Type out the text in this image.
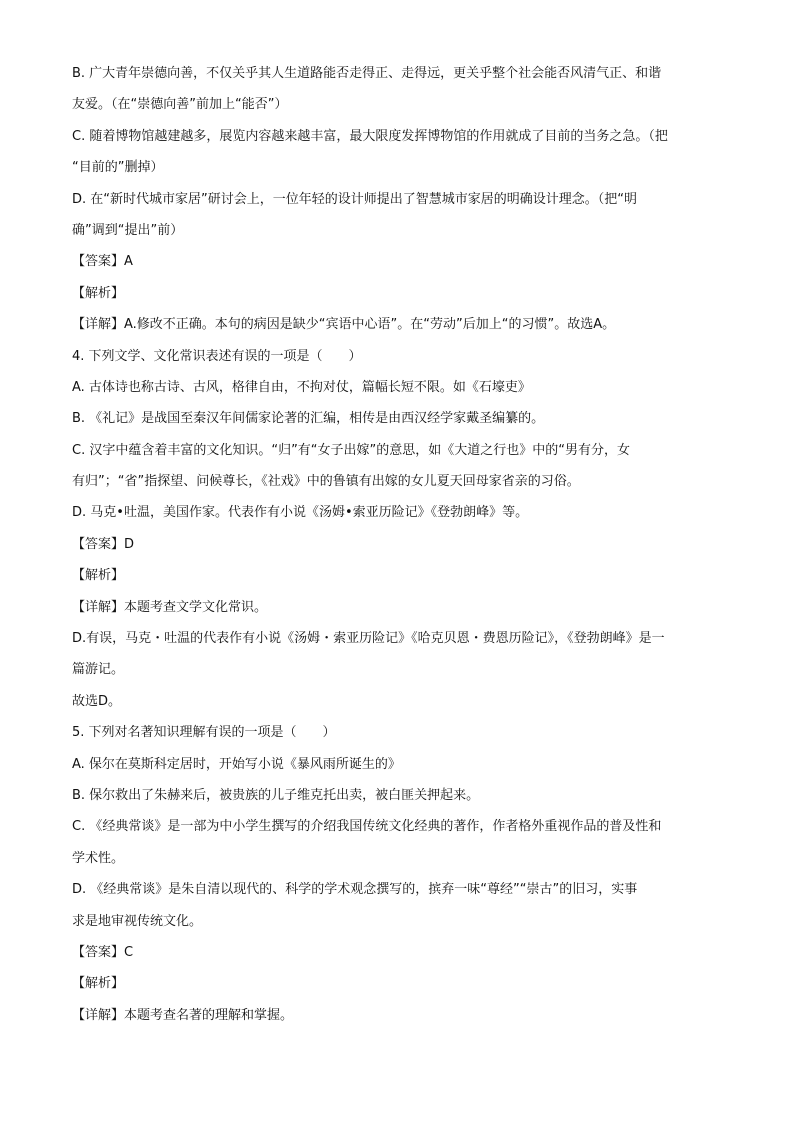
B. 广大青年崇德向善，不仅关乎其人生道路能否走得正、走得远，更关乎整个社会能否风清气正、和谐
友爱。（在“崇德向善”前加上“能否”）
C. 随着博物馆越建越多，展览内容越来越丰富，最大限度发挥博物馆的作用就成了目前的当务之急。（把
“目前的”删掉）
D. 在“新时代城市家居”研讨会上，一位年轻的设计师提出了智慧城市家居的明确设计理念。（把“明
确”调到“提出”前）
【答案】A
【解析】
【详解】A.修改不正确。本句的病因是缺少“宾语中心语”。在“劳动”后加上“的习惯”。故选A。
4. 下列文学、文化常识表述有误的一项是（　　）
A. 古体诗也称古诗、古风，格律自由，不拘对仗，篇幅长短不限。如《石壕吏》
B. 《礼记》是战国至秦汉年间儒家论著的汇编，相传是由西汉经学家戴圣编纂的。
C. 汉字中蕴含着丰富的文化知识。“归”有“女子出嫁”的意思，如《大道之行也》中的“男有分，女
有归”；“省”指探望、问候尊长，《社戏》中的鲁镇有出嫁的女儿夏天回母家省亲的习俗。
D. 马克•吐温，美国作家。代表作有小说《汤姆•索亚历险记》《登勃朗峰》等。
【答案】D
【解析】
【详解】本题考查文学文化常识。
D.有误，马克・吐温的代表作有小说《汤姆・索亚历险记》《哈克贝恩・费恩历险记》，《登勃朗峰》是一
篇游记。
故选D。
5. 下列对名著知识理解有误的一项是（　　）
A. 保尔在莫斯科定居时，开始写小说《暴风雨所诞生的》
B. 保尔救出了朱赫来后，被贵族的儿子维克托出卖，被白匪关押起来。
C. 《经典常谈》是一部为中小学生撰写的介绍我国传统文化经典的著作，作者格外重视作品的普及性和
学术性。
D. 《经典常谈》是朱自清以现代的、科学的学术观念撰写的，摈弃一味“尊经”“崇古”的旧习，实事
求是地审视传统文化。
【答案】C
【解析】
【详解】本题考查名著的理解和掌握。
